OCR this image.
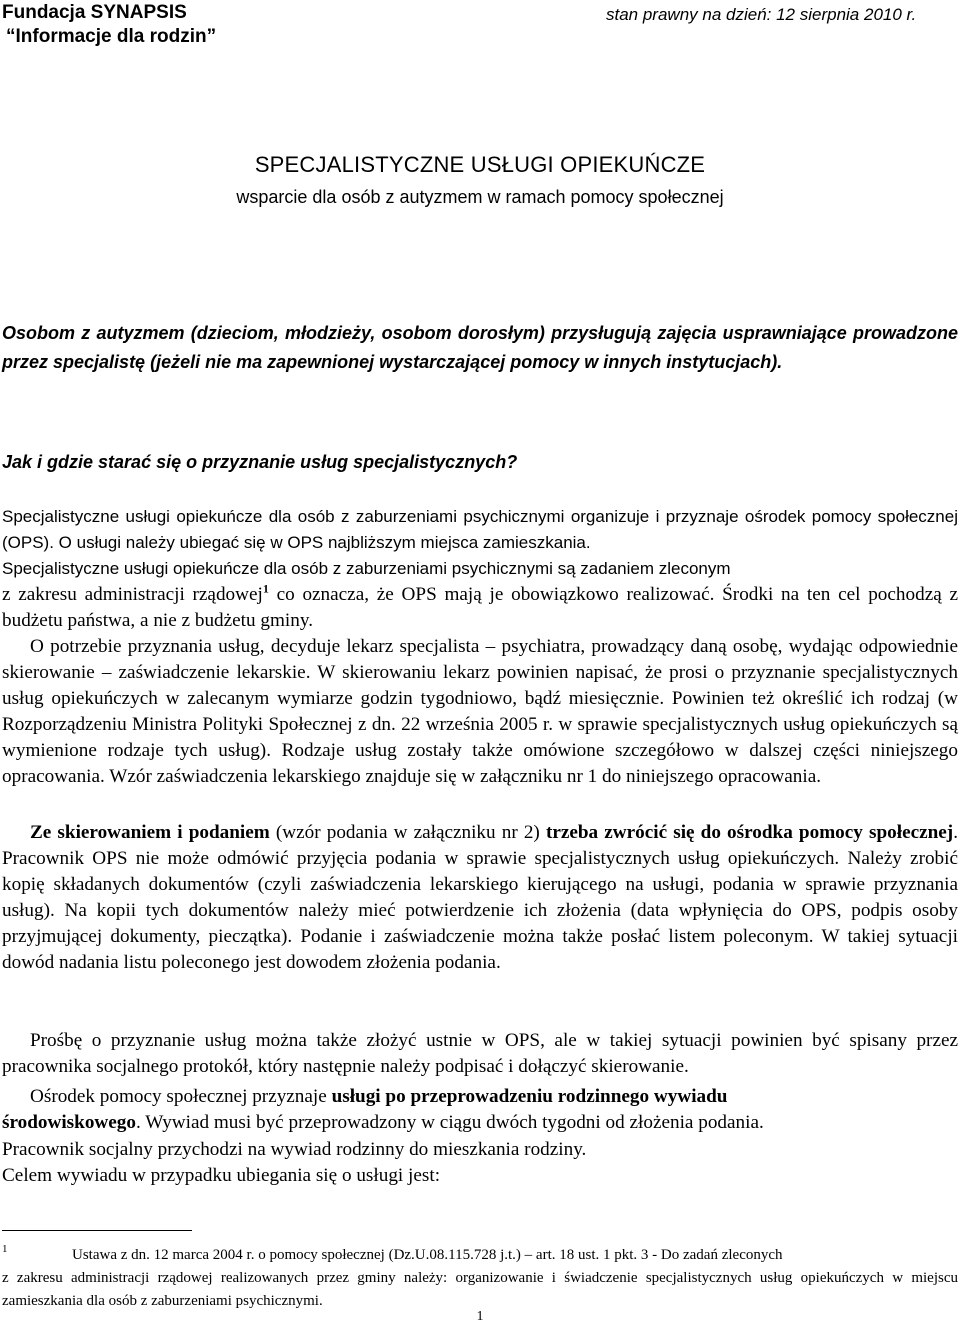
Fundacja SYNAPSIS	stan prawny na dzień: 12 sierpnia 2010 r.
“Informacje dla rodzin”
SPECJALISTYCZNE USŁUGI OPIEKUŃCZE
wsparcie dla osób z autyzmem w ramach pomocy społecznej
Osobom z autyzmem (dzieciom, młodzieży, osobom dorosłym) przysługują zajęcia usprawniające prowadzone przez specjalistę (jeżeli nie ma zapewnionej wystarczającej pomocy w innych instytucjach).
Jak i gdzie starać się o przyznanie usług specjalistycznych?
Specjalistyczne usługi opiekuńcze dla osób z zaburzeniami psychicznymi organizuje i przyznaje ośrodek pomocy społecznej (OPS). O usługi należy ubiegać się w OPS najbliższym miejsca zamieszkania.
Specjalistyczne usługi opiekuńcze dla osób z zaburzeniami psychicznymi są zadaniem zleconym
z zakresu administracji rządowej$^1$ co oznacza, że OPS mają je obowiązkowo realizować. Środki na ten cel pochodzą z budżetu państwa, a nie z budżetu gminy.
O potrzebie przyznania usług, decyduje lekarz specjalista – psychiatra, prowadzący daną osobę, wydając odpowiednie skierowanie – zaświadczenie lekarskie. W skierowaniu lekarz powinien napisać, że prosi o przyznanie specjalistycznych usług opiekuńczych w zalecanym wymiarze godzin tygodniowo, bądź miesięcznie. Powinien też określić ich rodzaj (w Rozporządzeniu Ministra Polityki Społecznej z dn. 22 września 2005 r. w sprawie specjalistycznych usług opiekuńczych są wymienione rodzaje tych usług). Rodzaje usług zostały także omówione szczegółowo w dalszej części niniejszego opracowania. Wzór zaświadczenia lekarskiego znajduje się w załączniku nr 1 do niniejszego opracowania.
Ze skierowaniem i podaniem (wzór podania w załączniku nr 2) trzeba zwrócić się do ośrodka pomocy społecznej. Pracownik OPS nie może odmówić przyjęcia podania w sprawie specjalistycznych usług opiekuńczych. Należy zrobić kopię składanych dokumentów (czyli zaświadczenia lekarskiego kierującego na usługi, podania w sprawie przyznania usług). Na kopii tych dokumentów należy mieć potwierdzenie ich złożenia (data wpłynięcia do OPS, podpis osoby przyjmującej dokumenty, pieczątka). Podanie i zaświadczenie można także posłać listem poleconym. W takiej sytuacji dowód nadania listu poleconego jest dowodem złożenia podania.
Prośbę o przyznanie usług można także złożyć ustnie w OPS, ale w takiej sytuacji powinien być spisany przez pracownika socjalnego protokół, który następnie należy podpisać i dołączyć skierowanie.
Ośrodek pomocy społecznej przyznaje usługi po przeprowadzeniu rodzinnego wywiadu
środowiskowego. Wywiad musi być przeprowadzony w ciągu dwóch tygodni od złożenia podania.
Pracownik socjalny przychodzi na wywiad rodzinny do mieszkania rodziny.
Celem wywiadu w przypadku ubiegania się o usługi jest:
1	Ustawa z dn. 12 marca 2004 r. o pomocy społecznej (Dz.U.08.115.728 j.t.) – art. 18 ust. 1 pkt. 3 - Do zadań zleconych
z zakresu administracji rządowej realizowanych przez gminy należy: organizowanie i świadczenie specjalistycznych usług opiekuńczych w miejscu zamieszkania dla osób z zaburzeniami psychicznymi.
1
